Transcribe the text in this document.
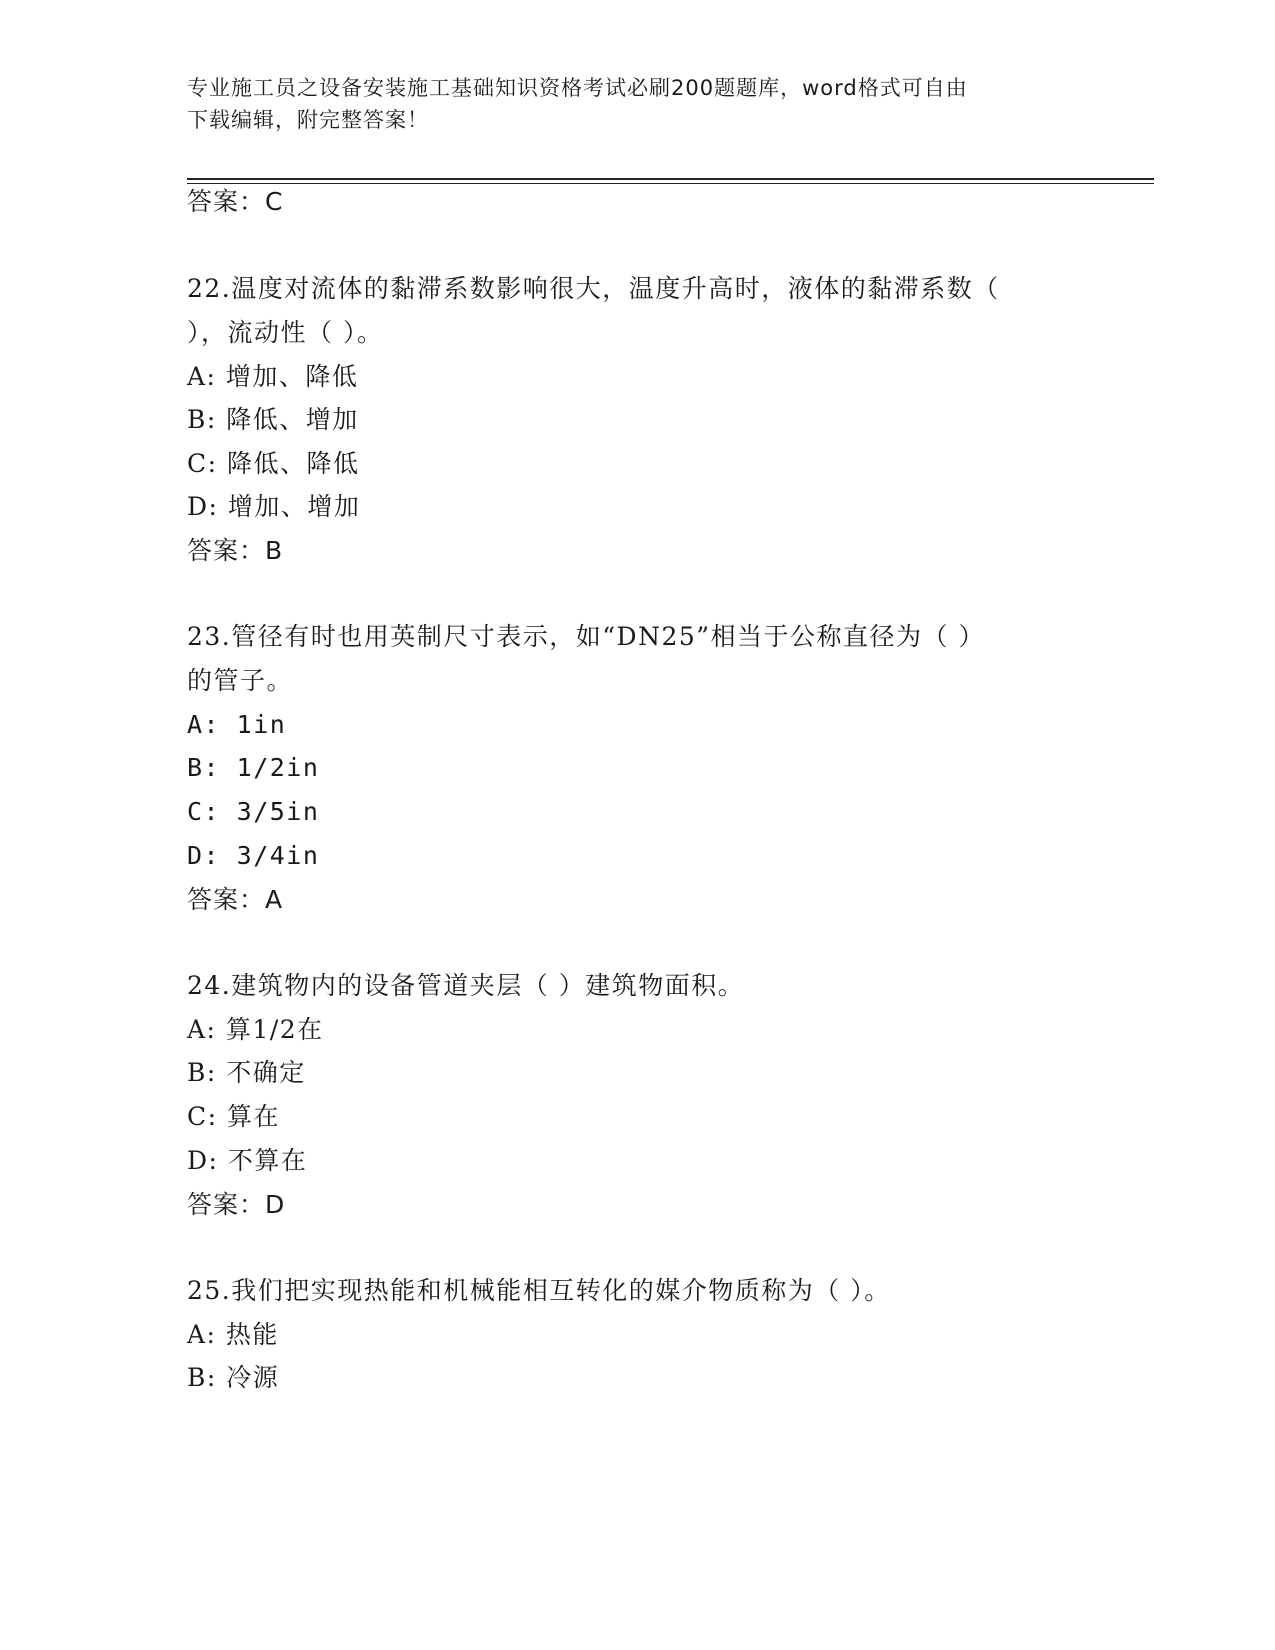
专业施工员之设备安装施工基础知识资格考试必刷200题题库，word格式可自由
下载编辑，附完整答案！
答案：C
22.温度对流体的黏滞系数影响很大，温度升高时，液体的黏滞系数（
），流动性（ ）。
A: 增加、降低
B: 降低、增加
C: 降低、降低
D: 增加、增加
答案：B
23.管径有时也用英制尺寸表示，如“DN25”相当于公称直径为（ ）
的管子。
A: 1in
B: 1/2in
C: 3/5in
D: 3/4in
答案：A
24.建筑物内的设备管道夹层（ ）建筑物面积。
A: 算1/2在
B: 不确定
C: 算在
D: 不算在
答案：D
25.我们把实现热能和机械能相互转化的媒介物质称为（ ）。
A: 热能
B: 冷源
